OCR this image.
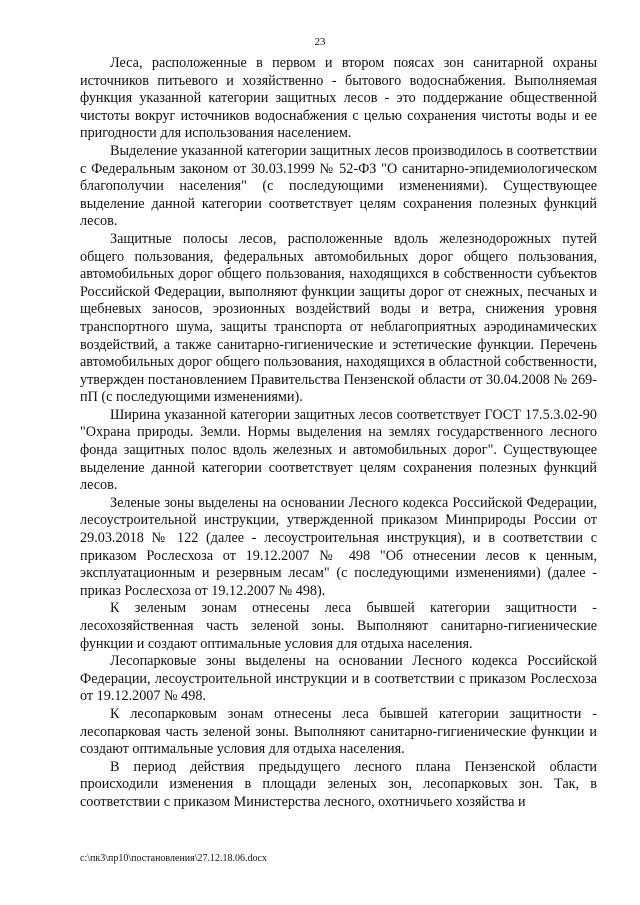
23

Леса, расположенные в первом и втором поясах зон санитарной охраны источников питьевого и хозяйственно - бытового водоснабжения. Выполняемая функция указанной категории защитных лесов - это поддержание общественной чистоты вокруг источников водоснабжения с целью сохранения чистоты воды и ее пригодности для использования населением.

Выделение указанной категории защитных лесов производилось в соответствии с Федеральным законом от 30.03.1999 № 52-ФЗ "О санитарно-эпидемиологическом благополучии населения" (с последующими изменениями). Существующее выделение данной категории соответствует целям сохранения полезных функций лесов.

Защитные полосы лесов, расположенные вдоль железнодорожных путей общего пользования, федеральных автомобильных дорог общего пользования, автомобильных дорог общего пользования, находящихся в собственности субъектов Российской Федерации, выполняют функции защиты дорог от снежных, песчаных и щебневых заносов, эрозионных воздействий воды и ветра, снижения уровня транспортного шума, защиты транспорта от неблагоприятных аэродинамических воздействий, а также санитарно-гигиенические и эстетические функции. Перечень автомобильных дорог общего пользования, находящихся в областной собственности, утвержден постановлением Правительства Пензенской области от 30.04.2008 № 269-пП (с последующими изменениями).

Ширина указанной категории защитных лесов соответствует ГОСТ 17.5.3.02-90 "Охрана природы. Земли. Нормы выделения на землях государственного лесного фонда защитных полос вдоль железных и автомобильных дорог". Существующее выделение данной категории соответствует целям сохранения полезных функций лесов.

Зеленые зоны выделены на основании Лесного кодекса Российской Федерации, лесоустроительной инструкции, утвержденной приказом Минприроды России от 29.03.2018 № 122 (далее - лесоустроительная инструкция), и в соответствии с приказом Рослесхоза от 19.12.2007 № 498 "Об отнесении лесов к ценным, эксплуатационным и резервным лесам" (с последующими изменениями) (далее - приказ Рослесхоза от 19.12.2007 № 498).

К зеленым зонам отнесены леса бывшей категории защитности - лесохозяйственная часть зеленой зоны. Выполняют санитарно-гигиенические функции и создают оптимальные условия для отдыха населения.

Лесопарковые зоны выделены на основании Лесного кодекса Российской Федерации, лесоустроительной инструкции и в соответствии с приказом Рослесхоза от 19.12.2007 № 498.

К лесопарковым зонам отнесены леса бывшей категории защитности - лесопарковая часть зеленой зоны. Выполняют санитарно-гигиенические функции и создают оптимальные условия для отдыха населения.

В период действия предыдущего лесного плана Пензенской области происходили изменения в площади зеленых зон, лесопарковых зон. Так, в соответствии с приказом Министерства лесного, охотничьего хозяйства и

c:\пк3\пр10\постановления\27.12.18.06.docx
